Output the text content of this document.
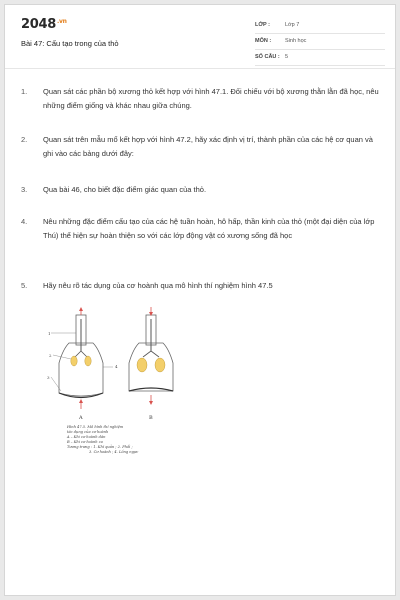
$2048^{.vn}$
Bài 47: Cấu tạo trong của thỏ
LỚP :	Lớp 7
MÔN :	Sinh học
SỐ CÂU : 5
1. Quan sát các phần bộ xương thỏ kết hợp với hình 47.1. Đối chiếu với bộ xương thằn lằn đã học, nêu những điểm giống và khác nhau giữa chúng.
2. Quan sát trên mẫu mổ kết hợp với hình 47.2, hãy xác định vị trí, thành phần của các hệ cơ quan và ghi vào các bảng dưới đây:
3. Qua bài 46, cho biết đặc điểm giác quan của thỏ.
4. Nêu những đặc điểm cấu tạo của các hệ tuần hoàn, hô hấp, thần kinh của thỏ (một đại diện của lớp Thú) thể hiện sự hoàn thiện so với các lớp động vật có xương sống đã học
5. Hãy nêu rõ tác dụng của cơ hoành qua mô hình thí nghiệm hình 47.5
1
2
3
4
A	B
Hình 47.5. Mô hình thí nghiệm
tác dụng của cơ hoành
A – Khi cơ hoành dãn
B – Khi cơ hoành co
Tương trưng : 1. Khí quản ; 2. Phổi ;
3. Cơ hoành ; 4. Lồng ngực
